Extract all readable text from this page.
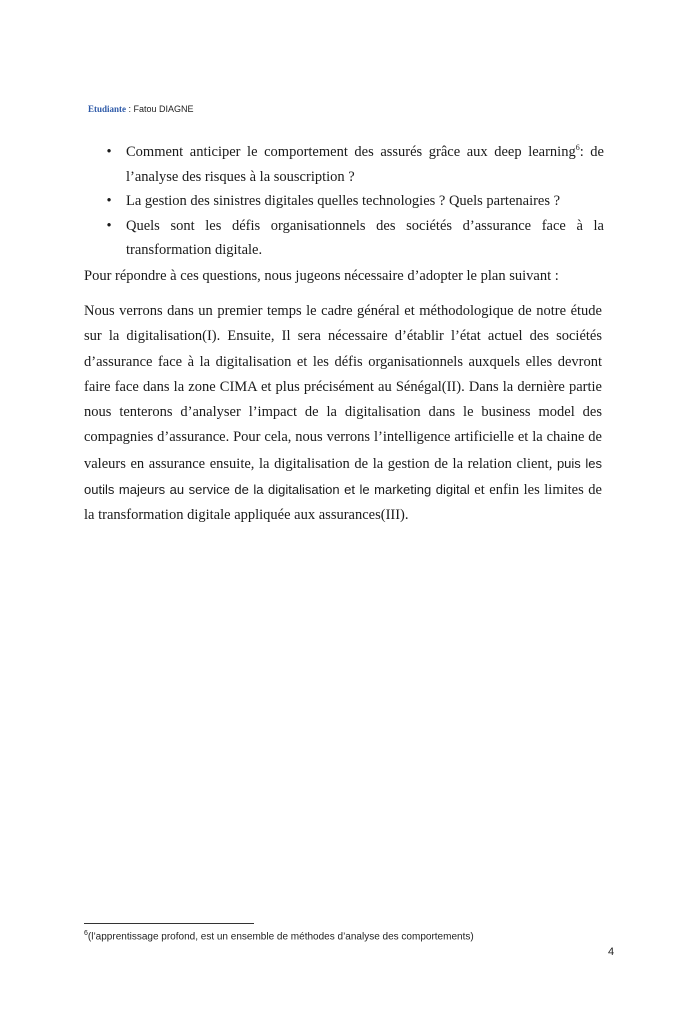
Etudiante : Fatou DIAGNE
• Comment anticiper le comportement des assurés grâce aux deep learning$^6$: de l’analyse des risques à la souscription ?
• La gestion des sinistres digitales quelles technologies ? Quels partenaires ?
• Quels sont les défis organisationnels des sociétés d’assurance face à la transformation digitale.

Pour répondre à ces questions, nous jugeons nécessaire d’adopter le plan suivant :

Nous verrons dans un premier temps le cadre général et méthodologique de notre étude sur la digitalisation(I). Ensuite, Il sera nécessaire d’établir l’état actuel des sociétés d’assurance face à la digitalisation et les défis organisationnels auxquels elles devront faire face dans la zone CIMA et plus précisément au Sénégal(II). Dans la dernière partie nous tenterons d’analyser l’impact de la digitalisation dans le business model des compagnies d’assurance. Pour cela, nous verrons l’intelligence artificielle et la chaine de valeurs en assurance ensuite, la digitalisation de la gestion de la relation client, puis les outils majeurs au service de la digitalisation et le marketing digital et enfin les limites de la transformation digitale appliquée aux assurances(III).

$^6$(l’apprentissage profond, est un ensemble de méthodes d’analyse des comportements)
4
